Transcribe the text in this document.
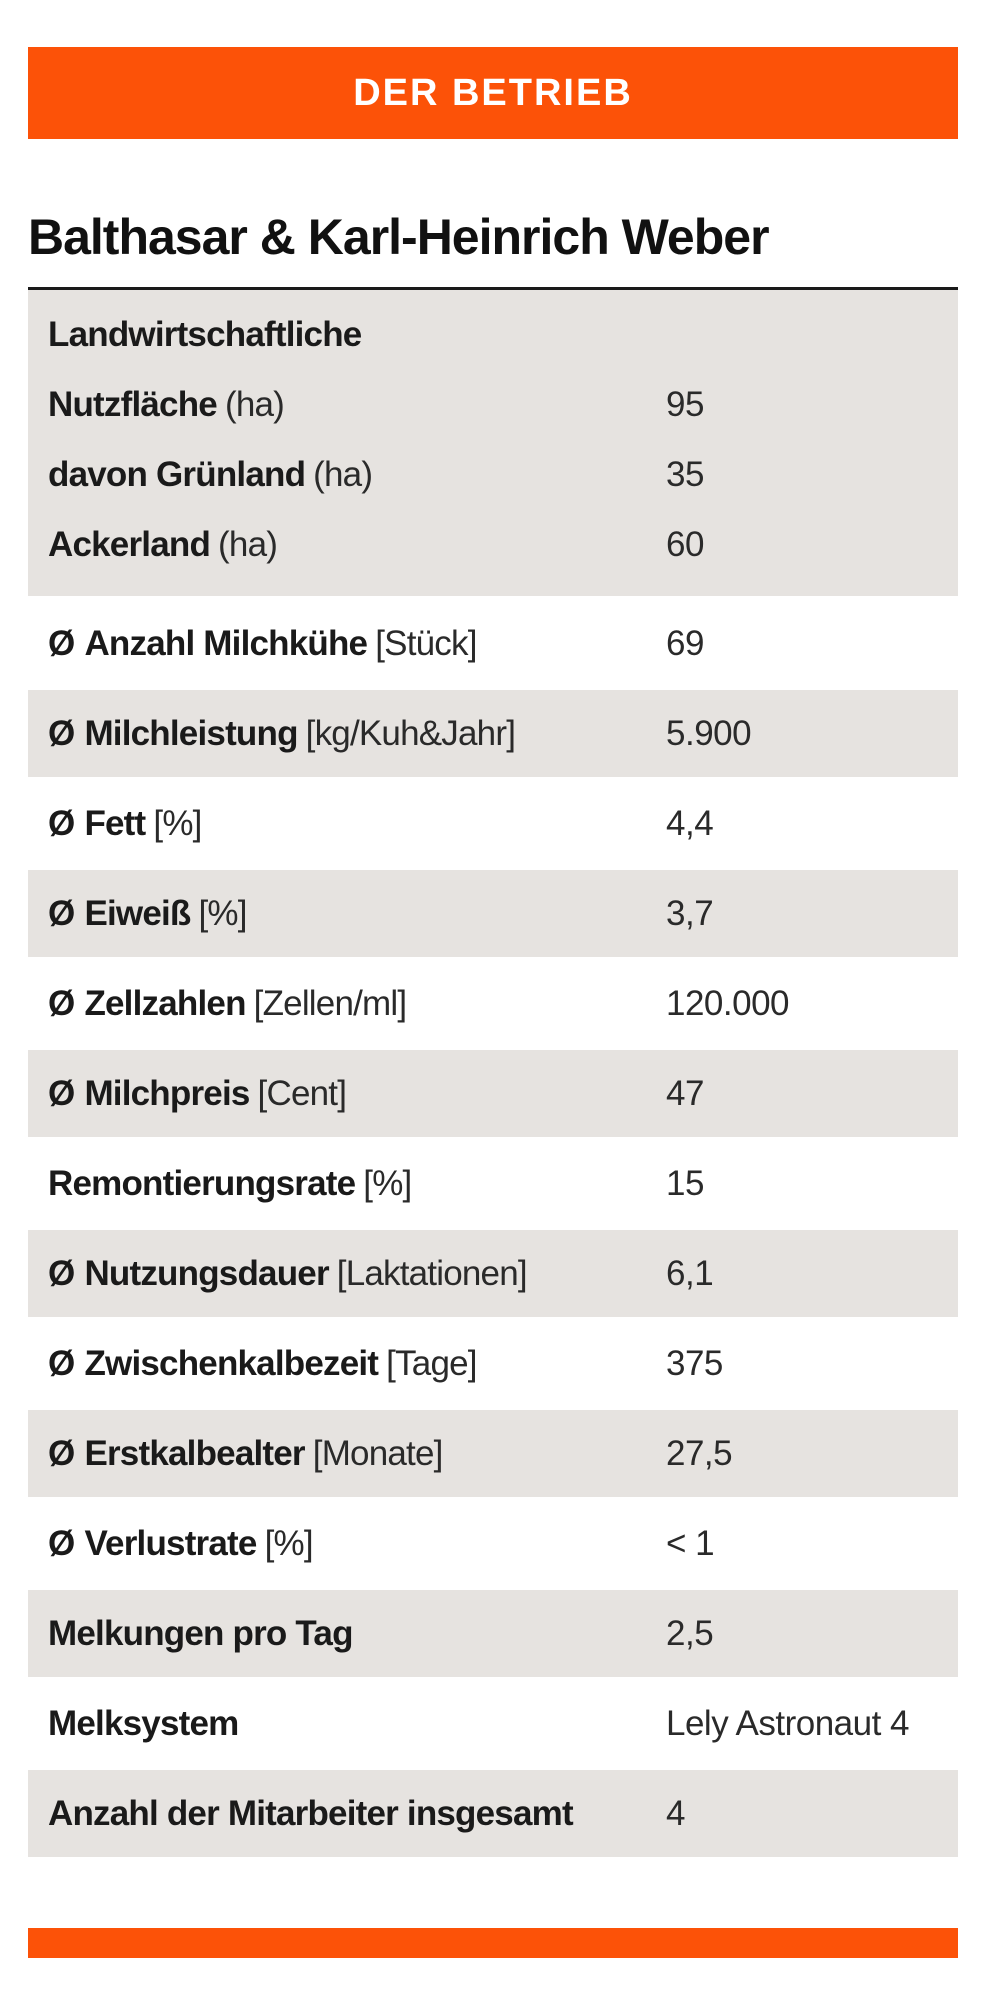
DER BETRIEB
Balthasar & Karl-Heinrich Weber
Landwirtschaftliche
Nutzfläche (ha)	95
davon Grünland (ha)	35
Ackerland (ha)	60
Ø Anzahl Milchkühe [Stück]	69
Ø Milchleistung [kg/Kuh&Jahr]	5.900
Ø Fett [%]	4,4
Ø Eiweiß [%]	3,7
Ø Zellzahlen [Zellen/ml]	120.000
Ø Milchpreis [Cent]	47
Remontierungsrate [%]	15
Ø Nutzungsdauer [Laktationen]	6,1
Ø Zwischenkalbezeit [Tage]	375
Ø Erstkalbealter [Monate]	27,5
Ø Verlustrate [%]	< 1
Melkungen pro Tag	2,5
Melksystem	Lely Astronaut 4
Anzahl der Mitarbeiter insgesamt	4
